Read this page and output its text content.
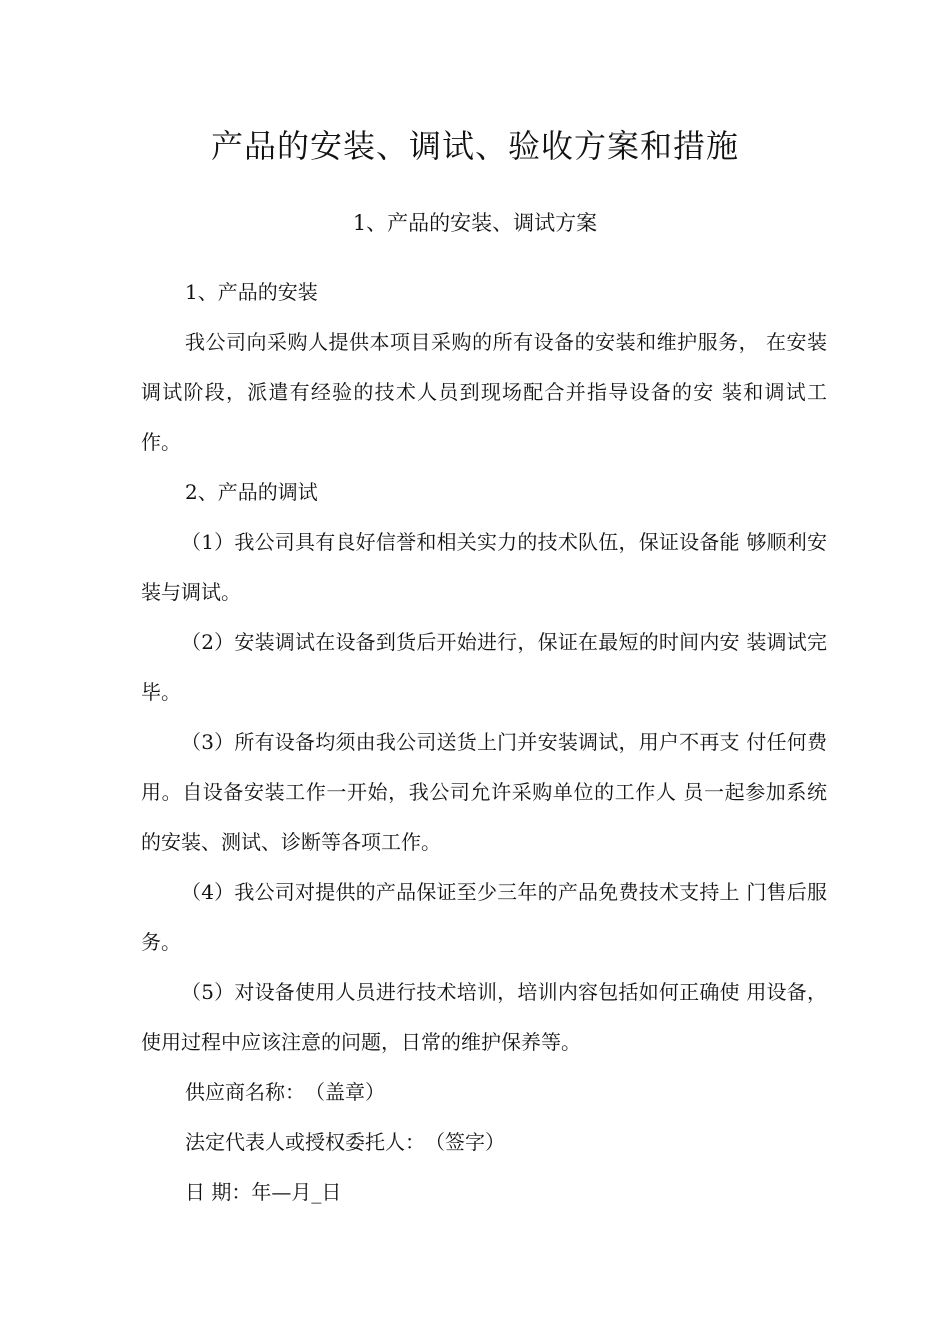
产品的安装、调试、验收方案和措施
1、产品的安装、调试方案

1、产品的安装

我公司向采购人提供本项目采购的所有设备的安装和维护服务， 在安装调试阶段，派遣有经验的技术人员到现场配合并指导设备的安 装和调试工作。

2、产品的调试

（1）我公司具有良好信誉和相关实力的技术队伍，保证设备能 够顺利安装与调试。

（2）安装调试在设备到货后开始进行，保证在最短的时间内安 装调试完毕。

（3）所有设备均须由我公司送货上门并安装调试，用户不再支 付任何费用。自设备安装工作一开始，我公司允许采购单位的工作人 员一起参加系统的安装、测试、诊断等各项工作。

（4）我公司对提供的产品保证至少三年的产品免费技术支持上 门售后服务。

（5）对设备使用人员进行技术培训，培训内容包括如何正确使 用设备，使用过程中应该注意的问题，日常的维护保养等。

供应商名称：　（盖章）

法定代表人或授权委托人：　（签字）

日 期：年—月_日
